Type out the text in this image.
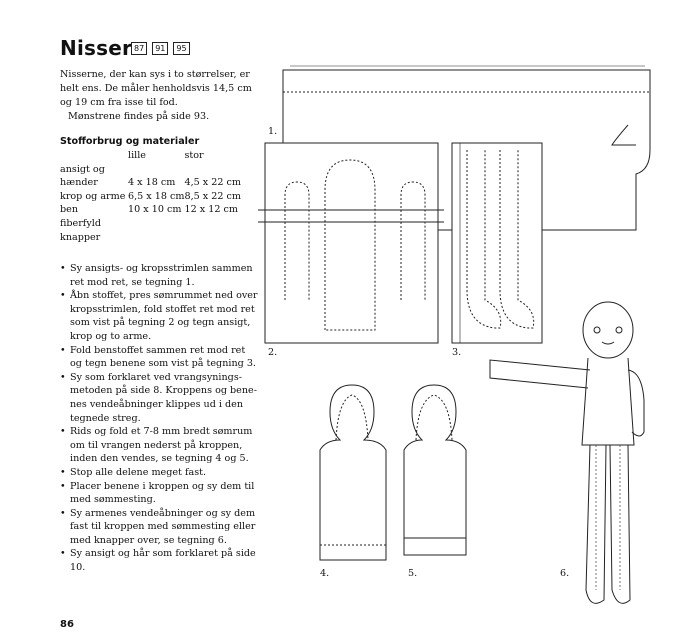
Nisser 87	91	95
Nisserne, der kan sys i to størrelser, er helt ens. De måler henholdsvis 14,5 cm og 19 cm fra isse til fod.
Mønstrene findes på side 93.
Stofforbrug og materialer
	lille	stor
ansigt og		
hænder	4 x 18 cm	4,5 x 22 cm
krop og arme	6,5 x 18 cm	8,5 x 22 cm
ben	10 x 10 cm	12 x 12 cm
fiberfyld		
knapper		
• Sy ansigts- og kropsstrimlen sammen ret mod ret, se tegning 1.
• Åbn stoffet, pres sømrummet ned over kropsstrimlen, fold stoffet ret mod ret som vist på tegning 2 og tegn ansigt, krop og to arme.
• Fold benstoffet sammen ret mod ret og tegn benene som vist på tegning 3.
• Sy som forklaret ved vrangsyningsmetoden på side 8. Kroppens og benenes vendeåbninger klippes ud i den tegnede streg.
• Rids og fold et 7-8 mm bredt sømrum om til vrangen nederst på kroppen, inden den vendes, se tegning 4 og 5.
• Stop alle delene meget fast.
• Placer benene i kroppen og sy dem til med sømmesting.
• Sy armenes vendeåbninger og sy dem fast til kroppen med sømmesting eller med knapper over, se tegning 6.
• Sy ansigt og hår som forklaret på side 10.
1.
2.	3.
4.	5.	6.
86
